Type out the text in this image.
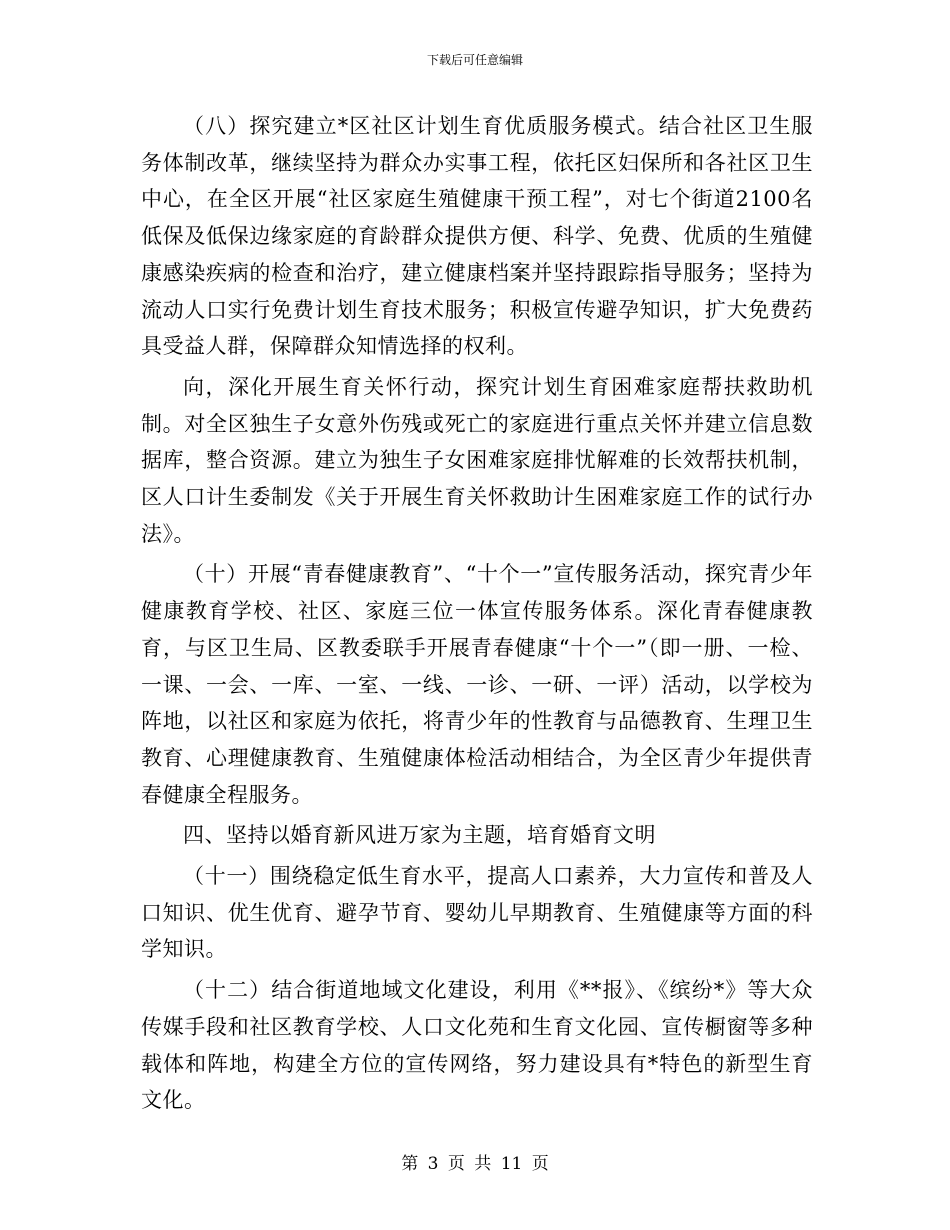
下载后可任意编辑

（八）探究建立*区社区计划生育优质服务模式。结合社区卫生服务体制改革，继续坚持为群众办实事工程，依托区妇保所和各社区卫生中心，在全区开展“社区家庭生殖健康干预工程”，对七个街道2100名低保及低保边缘家庭的育龄群众提供方便、科学、免费、优质的生殖健康感染疾病的检查和治疗，建立健康档案并坚持跟踪指导服务；坚持为流动人口实行免费计划生育技术服务；积极宣传避孕知识，扩大免费药具受益人群，保障群众知情选择的权利。

向，深化开展生育关怀行动，探究计划生育困难家庭帮扶救助机制。对全区独生子女意外伤残或死亡的家庭进行重点关怀并建立信息数据库，整合资源。建立为独生子女困难家庭排忧解难的长效帮扶机制，区人口计生委制发《关于开展生育关怀救助计生困难家庭工作的试行办法》。

（十）开展“青春健康教育”、“十个一”宣传服务活动，探究青少年健康教育学校、社区、家庭三位一体宣传服务体系。深化青春健康教育，与区卫生局、区教委联手开展青春健康“十个一”（即一册、一检、一课、一会、一库、一室、一线、一诊、一研、一评）活动，以学校为阵地，以社区和家庭为依托，将青少年的性教育与品德教育、生理卫生教育、心理健康教育、生殖健康体检活动相结合，为全区青少年提供青春健康全程服务。

四、坚持以婚育新风进万家为主题，培育婚育文明

（十一）围绕稳定低生育水平，提高人口素养，大力宣传和普及人口知识、优生优育、避孕节育、婴幼儿早期教育、生殖健康等方面的科学知识。

（十二）结合街道地域文化建设，利用《**报》、《缤纷*》等大众传媒手段和社区教育学校、人口文化苑和生育文化园、宣传橱窗等多种载体和阵地，构建全方位的宣传网络，努力建设具有*特色的新型生育文化。

第 3 页 共 11 页
